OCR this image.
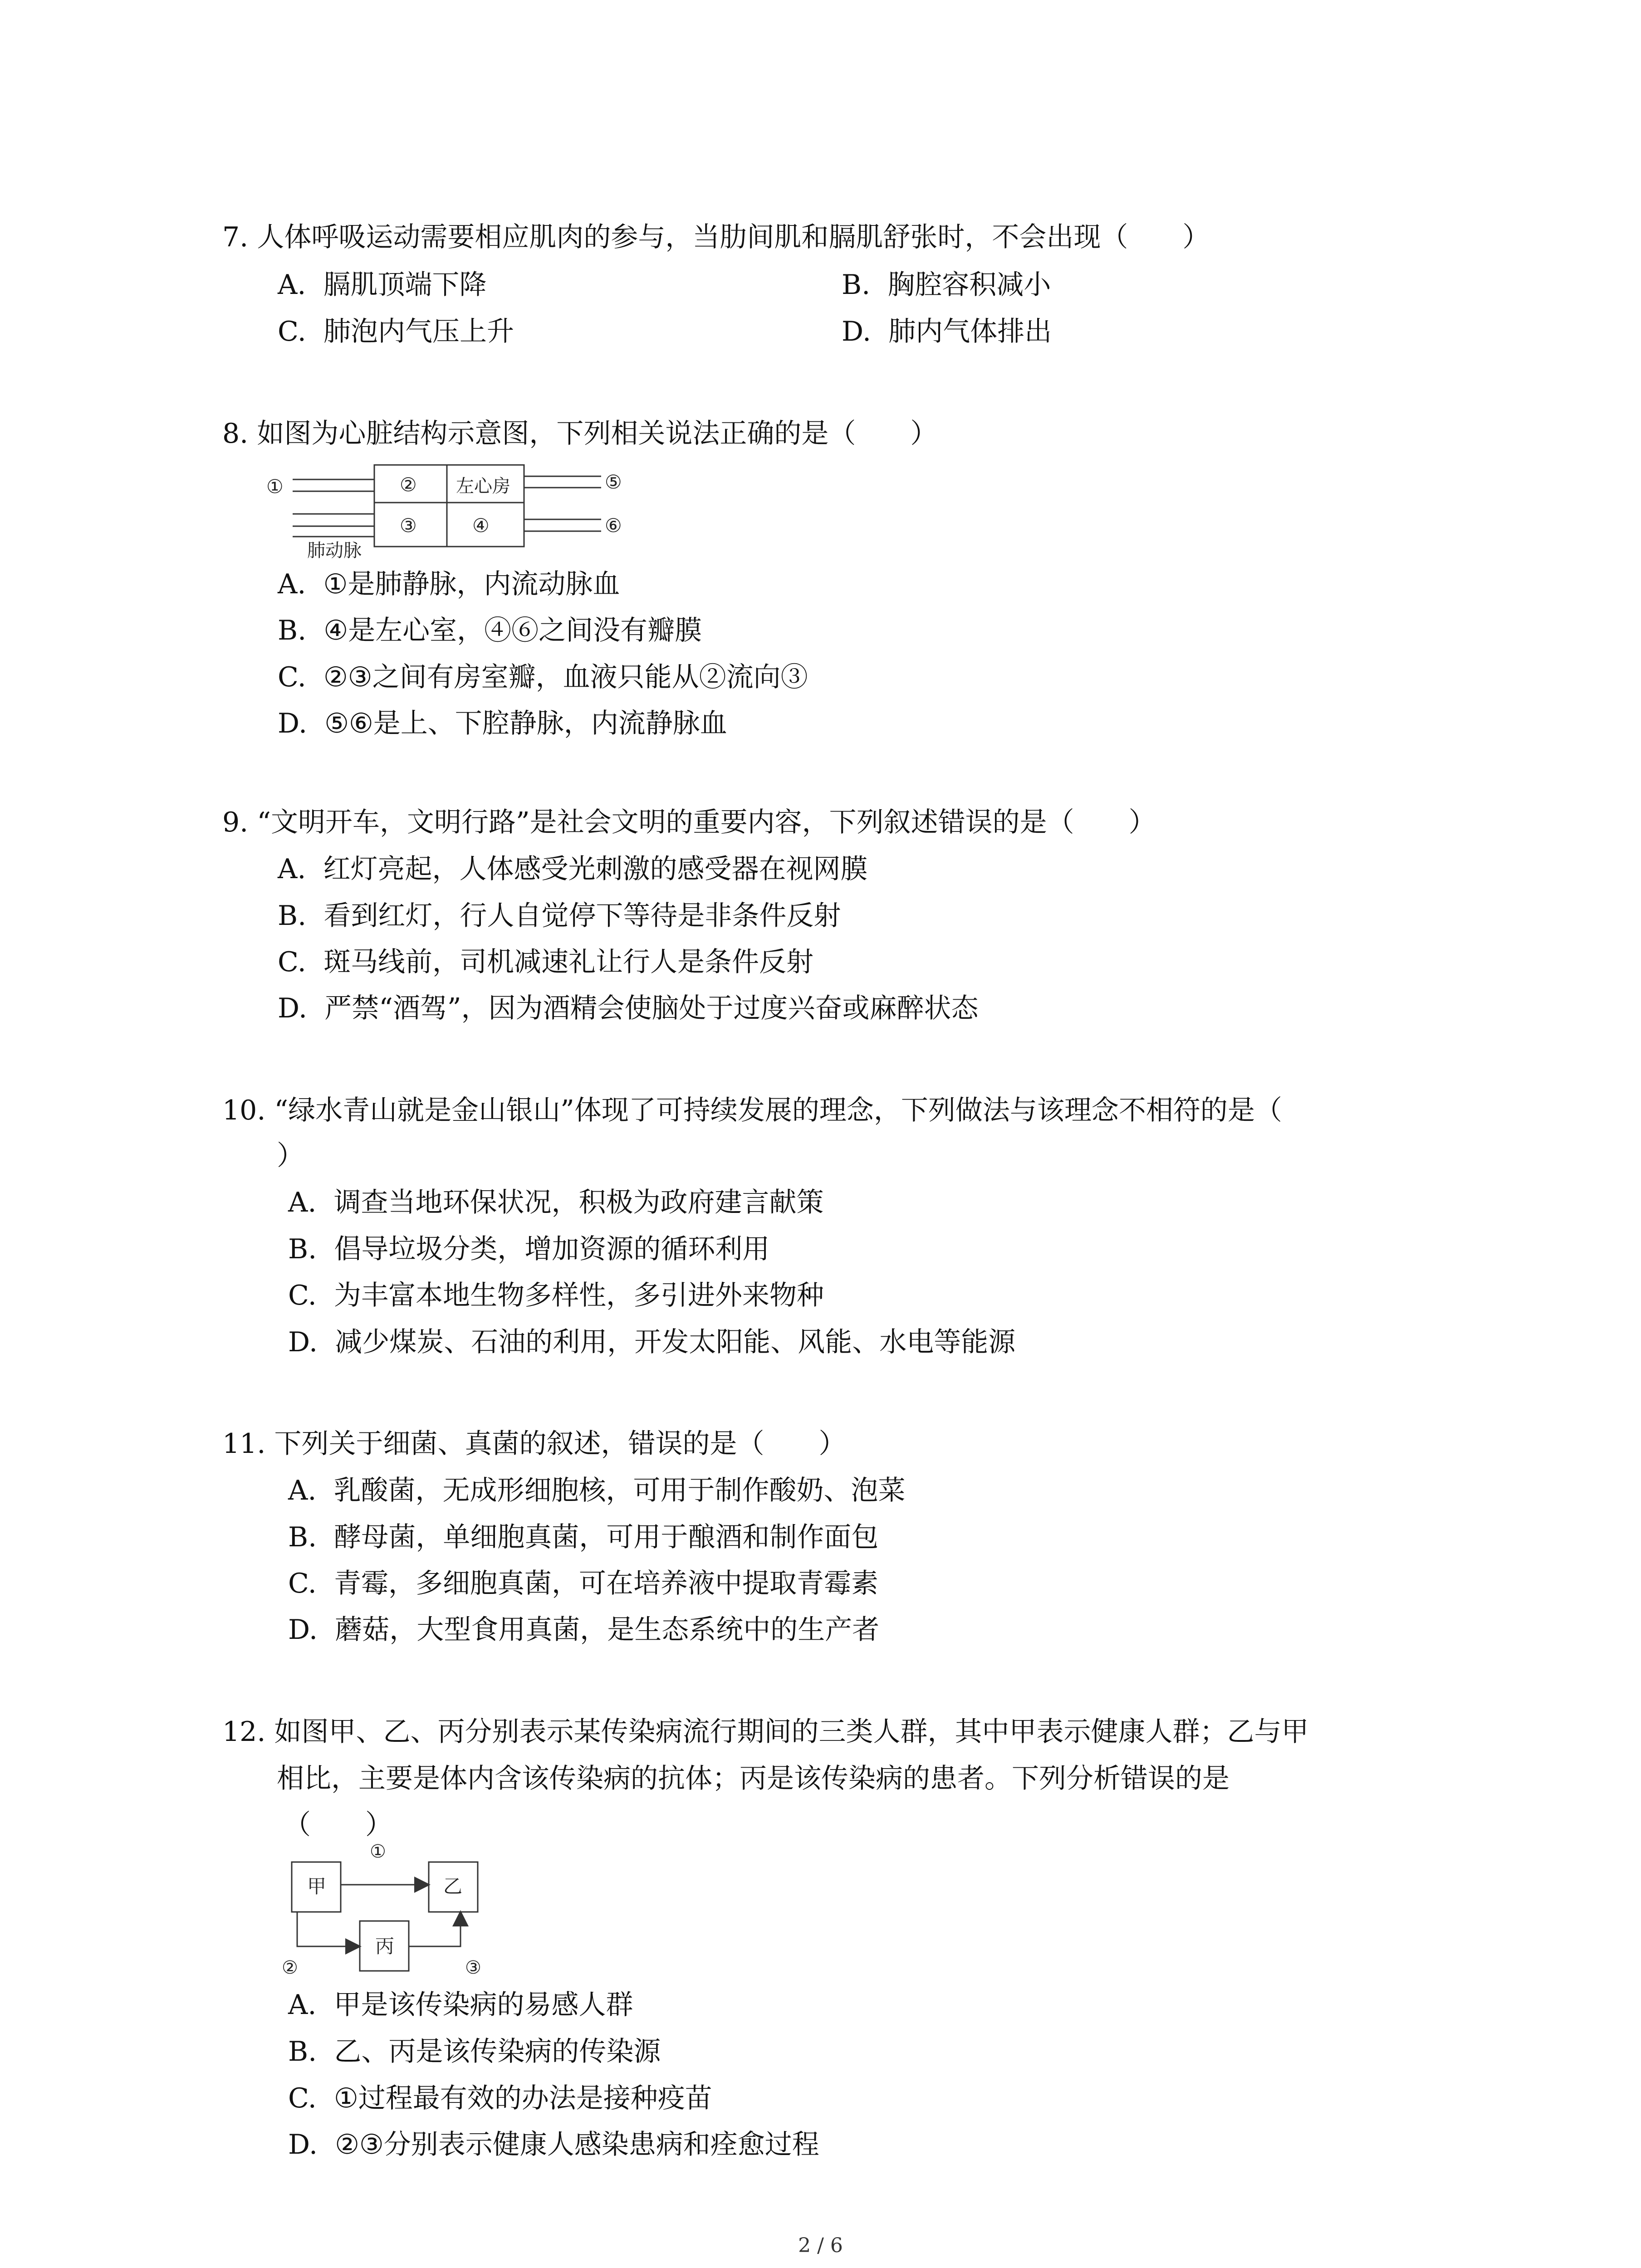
7. 人体呼吸运动需要相应肌肉的参与，当肋间肌和膈肌舒张时，不会出现（　　）
A. 膈肌顶端下降	B. 胸腔容积减小
C. 肺泡内气压上升	D. 肺内气体排出
8. 如图为心脏结构示意图，下列相关说法正确的是（　　）
①	②
③	④
⑤
⑥
左心房
肺动脉
A. ①是肺静脉，内流动脉血
B. ④是左心室，④⑥之间没有瓣膜
C. ②③之间有房室瓣，血液只能从②流向③
D. ⑤⑥是上、下腔静脉，内流静脉血
9. “文明开车，文明行路”是社会文明的重要内容，下列叙述错误的是（　　）
A. 红灯亮起，人体感受光刺激的感受器在视网膜
B. 看到红灯，行人自觉停下等待是非条件反射
C. 斑马线前，司机减速礼让行人是条件反射
D. 严禁“酒驾”，因为酒精会使脑处于过度兴奋或麻醉状态
10. “绿水青山就是金山银山”体现了可持续发展的理念，下列做法与该理念不相符的是（
）
A. 调查当地环保状况，积极为政府建言献策
B. 倡导垃圾分类，增加资源的循环利用
C. 为丰富本地生物多样性，多引进外来物种
D. 减少煤炭、石油的利用，开发太阳能、风能、水电等能源
11. 下列关于细菌、真菌的叙述，错误的是（　　）
A. 乳酸菌，无成形细胞核，可用于制作酸奶、泡菜
B. 酵母菌，单细胞真菌，可用于酿酒和制作面包
C. 青霉，多细胞真菌，可在培养液中提取青霉素
D. 蘑菇，大型食用真菌，是生态系统中的生产者
12. 如图甲、乙、丙分别表示某传染病流行期间的三类人群，其中甲表示健康人群；乙与甲
相比，主要是体内含该传染病的抗体；丙是该传染病的患者。下列分析错误的是
（　　）
甲	乙
丙
①
②	③
A. 甲是该传染病的易感人群
B. 乙、丙是该传染病的传染源
C. ①过程最有效的办法是接种疫苗
D. ②③分别表示健康人感染患病和痊愈过程
2 / 6
